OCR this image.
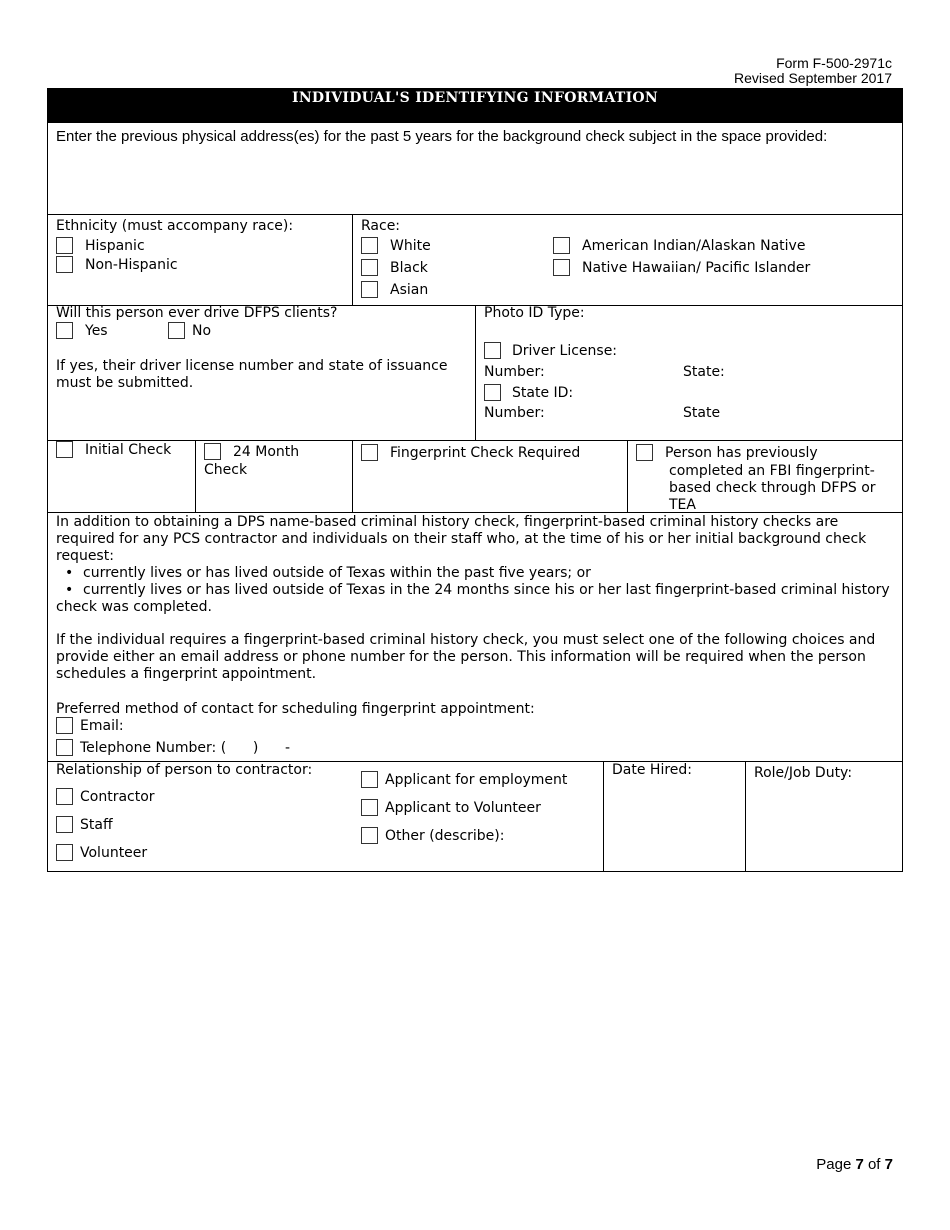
Form F-500-2971c
Revised September 2017
INDIVIDUAL'S IDENTIFYING INFORMATION
Enter the previous physical address(es) for the past 5 years for the background check subject in the space provided:
Ethnicity (must accompany race):
Hispanic
Non-Hispanic
Race:
White
Black
Asian
American Indian/Alaskan Native
Native Hawaiian/ Pacific Islander
Will this person ever drive DFPS clients?
Yes	No
If yes, their driver license number and state of issuance
must be submitted.
Photo ID Type:
Driver License:
Number:	State:
State ID:
Number:	State
Initial Check	24 Month
Check
Fingerprint Check Required	Person has previously
completed an FBI fingerprint-
based check through DFPS or
TEA
In addition to obtaining a DPS name-based criminal history check, fingerprint-based criminal history checks are required for any PCS contractor and individuals on their staff who, at the time of his or her initial background check request:
• currently lives or has lived outside of Texas within the past five years; or
• currently lives or has lived outside of Texas in the 24 months since his or her last fingerprint-based criminal history check was completed.
If the individual requires a fingerprint-based criminal history check, you must select one of the following choices and provide either an email address or phone number for the person. This information will be required when the person schedules a fingerprint appointment.
Preferred method of contact for scheduling fingerprint appointment:
Email:
Telephone Number: (      )      -
Relationship of person to contractor:
Contractor
Staff
Volunteer
Applicant for employment
Applicant to Volunteer
Other (describe):
Date Hired:	Role/Job Duty:
Page 7 of 7
